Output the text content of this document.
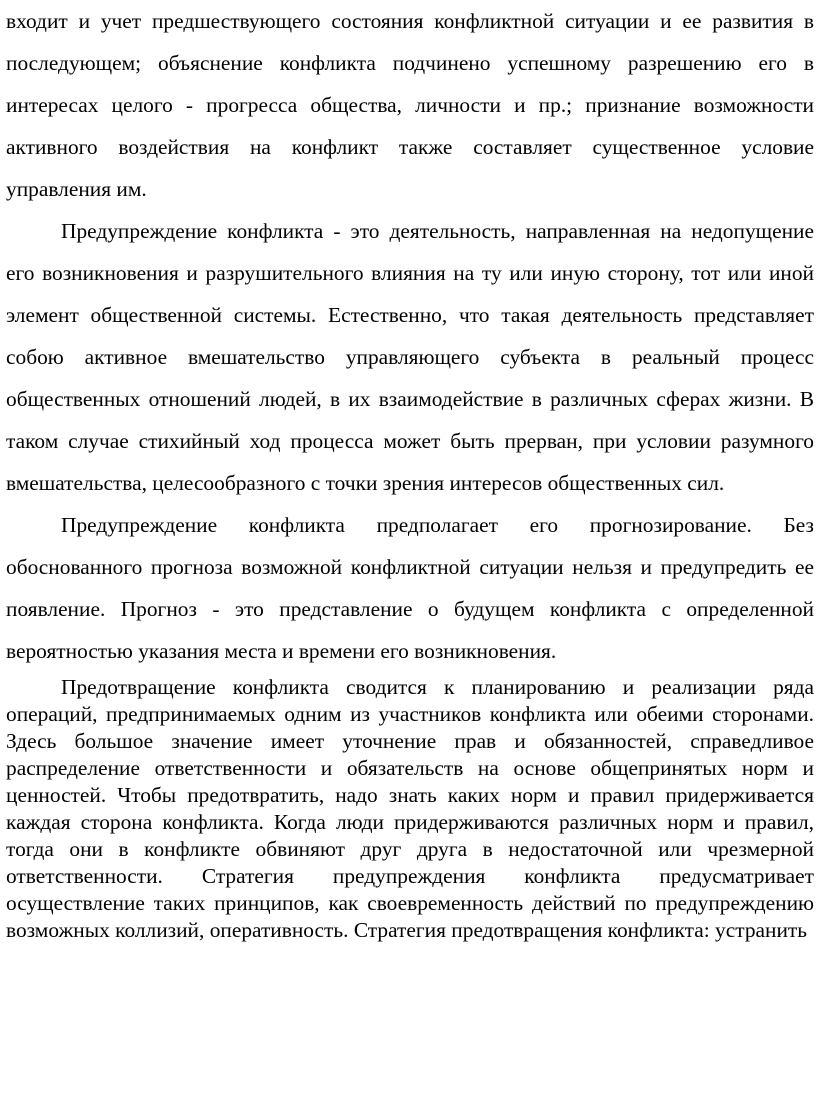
входит и учет предшествующего состояния конфликтной ситуации и ее развития в последующем; объяснение конфликта подчинено успешному разрешению его в интересах целого - прогресса общества, личности и пр.; признание возможности активного воздействия на конфликт также составляет существенное условие управления им.

Предупреждение конфликта - это деятельность, направленная на недопущение его возникновения и разрушительного влияния на ту или иную сторону, тот или иной элемент общественной системы. Естественно, что такая деятельность представляет собою активное вмешательство управляющего субъекта в реальный процесс общественных отношений людей, в их взаимодействие в различных сферах жизни. В таком случае стихийный ход процесса может быть прерван, при условии разумного вмешательства, целесообразного с точки зрения интересов общественных сил.

Предупреждение конфликта предполагает его прогнозирование. Без обоснованного прогноза возможной конфликтной ситуации нельзя и предупредить ее появление. Прогноз - это представление о будущем конфликта с определенной вероятностью указания места и времени его возникновения.

Предотвращение конфликта сводится к планированию и реализации ряда операций, предпринимаемых одним из участников конфликта или обеими сторонами. Здесь большое значение имеет уточнение прав и обязанностей, справедливое распределение ответственности и обязательств на основе общепринятых норм и ценностей. Чтобы предотвратить, надо знать каких норм и правил придерживается каждая сторона конфликта. Когда люди придерживаются различных норм и правил, тогда они в конфликте обвиняют друг друга в недостаточной или чрезмерной ответственности. Стратегия предупреждения конфликта предусматривает осуществление таких принципов, как своевременность действий по предупреждению возможных коллизий, оперативность. Стратегия предотвращения конфликта: устранить
